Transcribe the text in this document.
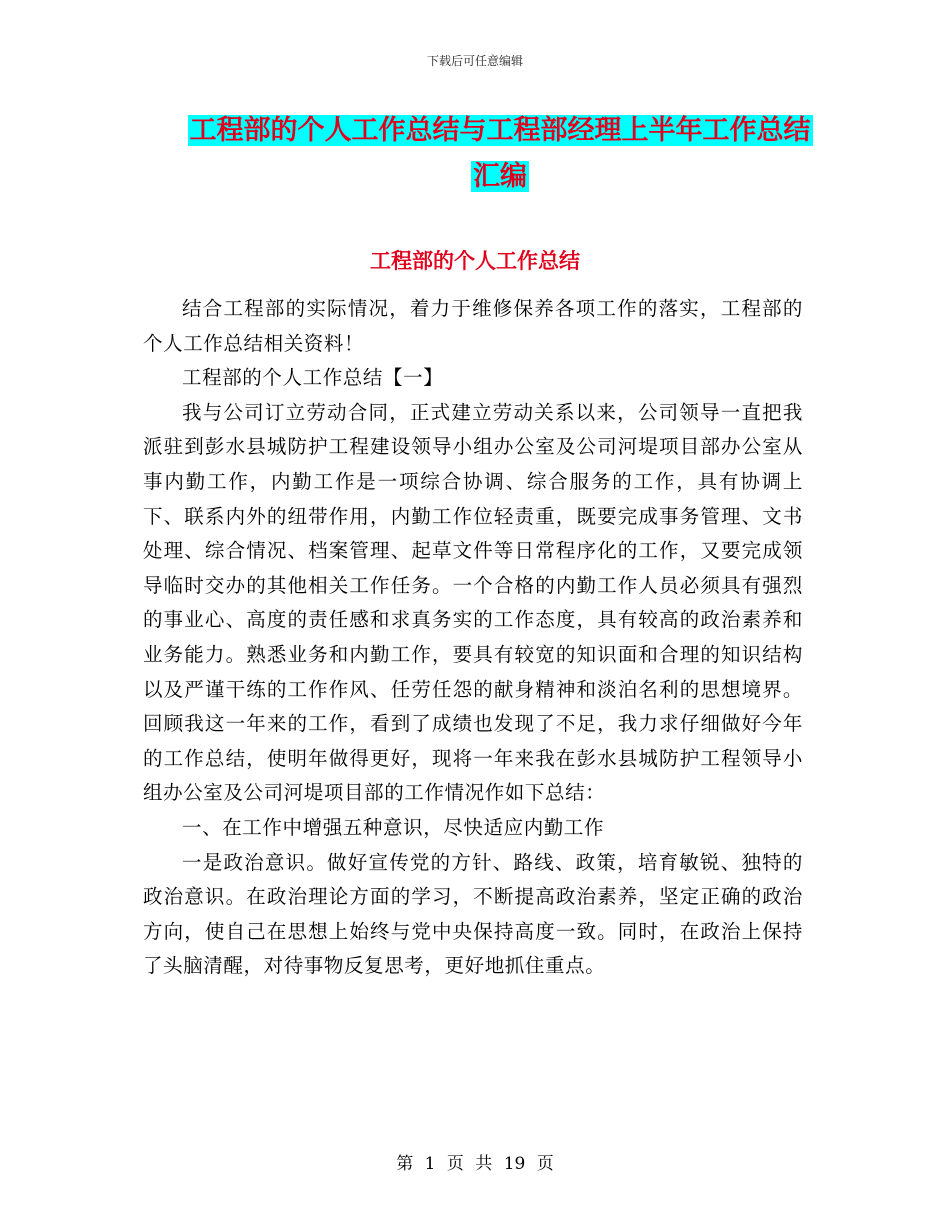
下载后可任意编辑
工程部的个人工作总结与工程部经理上半年工作总结
汇编
工程部的个人工作总结

结合工程部的实际情况，着力于维修保养各项工作的落实，工程部的个人工作总结相关资料！

工程部的个人工作总结【一】

我与公司订立劳动合同，正式建立劳动关系以来，公司领导一直把我派驻到彭水县城防护工程建设领导小组办公室及公司河堤项目部办公室从事内勤工作，内勤工作是一项综合协调、综合服务的工作，具有协调上下、联系内外的纽带作用，内勤工作位轻责重，既要完成事务管理、文书处理、综合情况、档案管理、起草文件等日常程序化的工作，又要完成领导临时交办的其他相关工作任务。一个合格的内勤工作人员必须具有强烈的事业心、高度的责任感和求真务实的工作态度，具有较高的政治素养和业务能力。熟悉业务和内勤工作，要具有较宽的知识面和合理的知识结构以及严谨干练的工作作风、任劳任怨的献身精神和淡泊名利的思想境界。回顾我这一年来的工作，看到了成绩也发现了不足，我力求仔细做好今年的工作总结，使明年做得更好，现将一年来我在彭水县城防护工程领导小组办公室及公司河堤项目部的工作情况作如下总结：

一、在工作中增强五种意识，尽快适应内勤工作

一是政治意识。做好宣传党的方针、路线、政策，培育敏锐、独特的政治意识。在政治理论方面的学习，不断提高政治素养，坚定正确的政治方向，使自己在思想上始终与党中央保持高度一致。同时，在政治上保持了头脑清醒，对待事物反复思考，更好地抓住重点。

第 1 页 共 19 页
